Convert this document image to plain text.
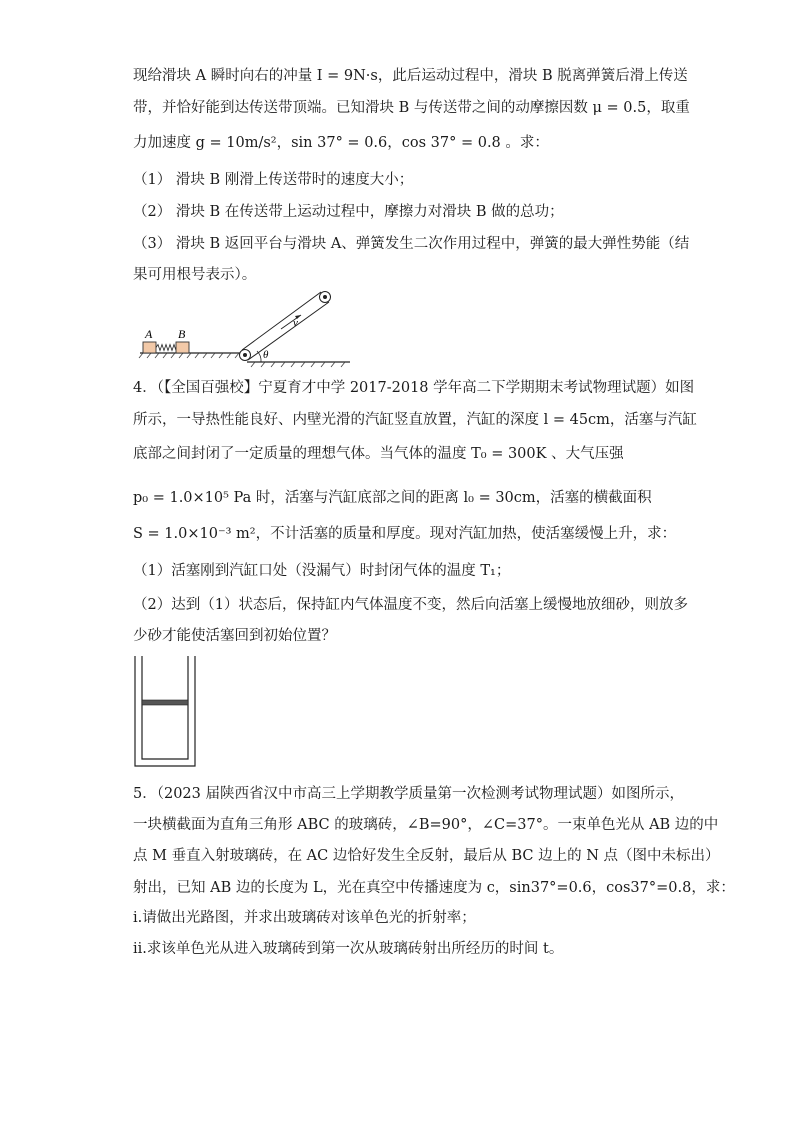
现给滑块 A 瞬时向右的冲量 I = 9N·s，此后运动过程中，滑块 B 脱离弹簧后滑上传送
带，并恰好能到达传送带顶端。已知滑块 B 与传送带之间的动摩擦因数 μ = 0.5，取重
力加速度 g = 10m/s²，sin 37° = 0.6，cos 37° = 0.8 。求：
（1） 滑块 B 刚滑上传送带时的速度大小；
（2） 滑块 B 在传送带上运动过程中，摩擦力对滑块 B 做的总功；
（3） 滑块 B 返回平台与滑块 A、弹簧发生二次作用过程中，弹簧的最大弹性势能（结
果可用根号表示）。
A B
v
θ
4．（【全国百强校】宁夏育才中学 2017-2018 学年高二下学期期末考试物理试题）如图
所示，一导热性能良好、内壁光滑的汽缸竖直放置，汽缸的深度 l = 45cm，活塞与汽缸
底部之间封闭了一定质量的理想气体。当气体的温度 T₀ = 300K 、大气压强
p₀ = 1.0×10⁵ Pa 时，活塞与汽缸底部之间的距离 l₀ = 30cm，活塞的横截面积
S = 1.0×10⁻³ m²，不计活塞的质量和厚度。现对汽缸加热，使活塞缓慢上升，求：
（1）活塞刚到汽缸口处（没漏气）时封闭气体的温度 T₁；
（2）达到（1）状态后，保持缸内气体温度不变，然后向活塞上缓慢地放细砂，则放多
少砂才能使活塞回到初始位置？
5．（2023 届陕西省汉中市高三上学期教学质量第一次检测考试物理试题）如图所示，
一块横截面为直角三角形 ABC 的玻璃砖，∠B=90°，∠C=37°。一束单色光从 AB 边的中
点 M 垂直入射玻璃砖，在 AC 边恰好发生全反射，最后从 BC 边上的 N 点（图中未标出）
射出，已知 AB 边的长度为 L，光在真空中传播速度为 c，sin37°=0.6，cos37°=0.8，求：
i.请做出光路图，并求出玻璃砖对该单色光的折射率；
ii.求该单色光从进入玻璃砖到第一次从玻璃砖射出所经历的时间 t。
